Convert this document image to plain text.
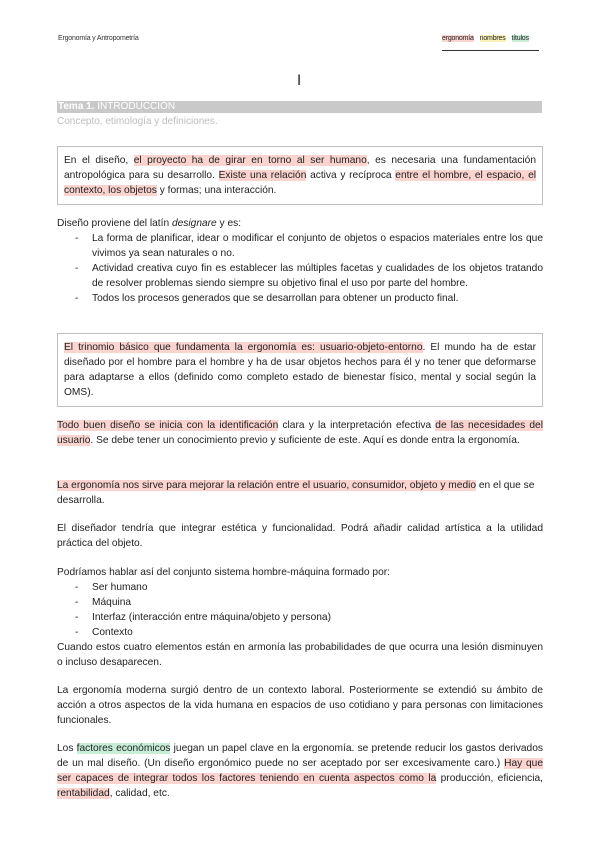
Ergonomía y Antropometría	ergonomía nombres títulos
I
Tema 1. INTRODUCCIÓN
Concepto, etimología y definiciones.
En el diseño, el proyecto ha de girar en torno al ser humano, es necesaria una fundamentación antropológica para su desarrollo. Existe una relación activa y recíproca entre el hombre, el espacio, el contexto, los objetos y formas; una interacción.
Diseño proviene del latín designare y es:
- La forma de planificar, idear o modificar el conjunto de objetos o espacios materiales entre los que vivimos ya sean naturales o no.
- Actividad creativa cuyo fin es establecer las múltiples facetas y cualidades de los objetos tratando de resolver problemas siendo siempre su objetivo final el uso por parte del hombre.
- Todos los procesos generados que se desarrollan para obtener un producto final.
El trinomio básico que fundamenta la ergonomía es: usuario-objeto-entorno. El mundo ha de estar diseñado por el hombre para el hombre y ha de usar objetos hechos para él y no tener que deformarse para adaptarse a ellos (definido como completo estado de bienestar físico, mental y social según la OMS).
Todo buen diseño se inicia con la identificación clara y la interpretación efectiva de las necesidades del usuario. Se debe tener un conocimiento previo y suficiente de este. Aquí es donde entra la ergonomía.
La ergonomía nos sirve para mejorar la relación entre el usuario, consumidor, objeto y medio en el que se desarrolla.
El diseñador tendría que integrar estética y funcionalidad. Podrá añadir calidad artística a la utilidad práctica del objeto.
Podríamos hablar así del conjunto sistema hombre-máquina formado por:
- Ser humano
- Máquina
- Interfaz (interacción entre máquina/objeto y persona)
- Contexto
Cuando estos cuatro elementos están en armonía las probabilidades de que ocurra una lesión disminuyen o incluso desaparecen.
La ergonomía moderna surgió dentro de un contexto laboral. Posteriormente se extendió su ámbito de acción a otros aspectos de la vida humana en espacios de uso cotidiano y para personas con limitaciones funcionales.
Los factores económicos juegan un papel clave en la ergonomía. se pretende reducir los gastos derivados de un mal diseño. (Un diseño ergonómico puede no ser aceptado por ser excesivamente caro.) Hay que ser capaces de integrar todos los factores teniendo en cuenta aspectos como la producción, eficiencia, rentabilidad, calidad, etc.
